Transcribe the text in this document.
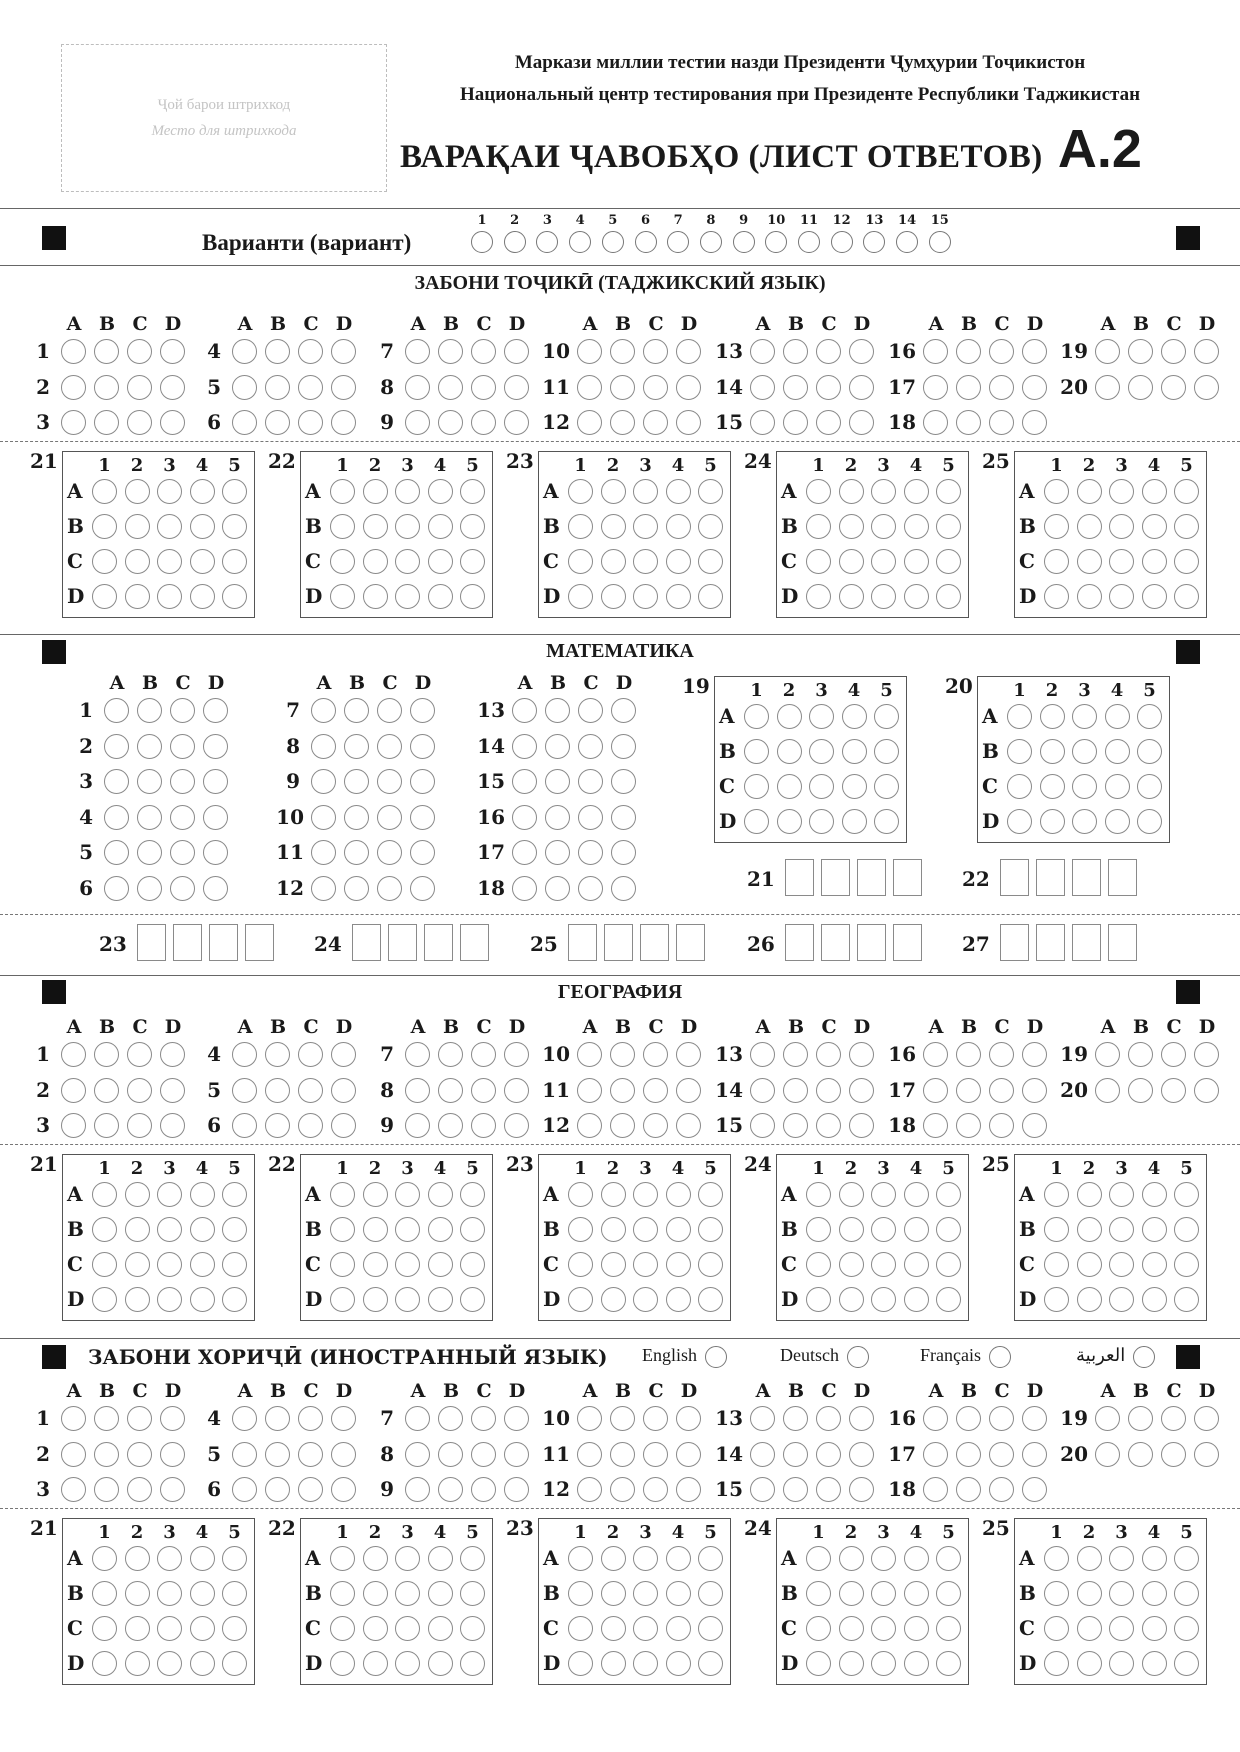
Ҷой барои штрихкод
Место для штрихкода
Маркази миллии тестии назди Президенти Ҷумҳурии Тоҷикистон
Национальный центр тестирования при Президенте Республики Таджикистан
ВАРАҚАИ ҶАВОБҲО (ЛИСТ ОТВЕТОВ) A.2
Варианти (вариант)
1	2	3	4	5	6	7	8	9	10	11	12	13	14	15
ЗАБОНИ ТОҶИКӢ (ТАДЖИКСКИЙ ЯЗЫК)
МАТЕМАТИКА
ГЕОГРАФИЯ
ЗАБОНИ ХОРИҶӢ (ИНОСТРАННЫЙ ЯЗЫК) English	Deutsch	Français	العربية
A B C D
1
2
3
A B C D
4
5
6
A B C D
7
8
9
A B C D
10
11
12
A B C D
13
14
15
A B C D
16
17
18
A B C D
19
20
21	1	2	3	4	5
A
B
C
D
22	1	2	3	4	5
A
B
C
D
23	1	2	3	4	5
A
B
C
D
24	1	2	3	4	5
A
B
C
D
25	1	2	3	4	5
A
B
C
D
A B C D
1
2
3
A B C D
4
5
6
A B C D
7
8
9
A B C D
10
11
12
A B C D
13
14
15
A B C D
16
17
18
A B C D
19
20
21	1	2	3	4	5
A
B
C
D
22	1	2	3	4	5
A
B
C
D
23	1	2	3	4	5
A
B
C
D
24	1	2	3	4	5
A
B
C
D
25	1	2	3	4	5
A
B
C
D
A B C D
1
2
3
A B C D
4
5
6
A B C D
7
8
9
A B C D
10
11
12
A B C D
13
14
15
A B C D
16
17
18
A B C D
19
20
21	1	2	3	4	5
A
B
C
D
22	1	2	3	4	5
A
B
C
D
23	1	2	3	4	5
A
B
C
D
24	1	2	3	4	5
A
B
C
D
25	1	2	3	4	5
A
B
C
D
A B C D
1
2
3
4
5
6
A B C D
7
8
9
10
11
12
A B C D
13
14
15
16
17
18
19	1	2	3	4	5
A
B
C
D
20	1	2	3	4	5
A
B
C
D
21	22
23	24	25	26	27
